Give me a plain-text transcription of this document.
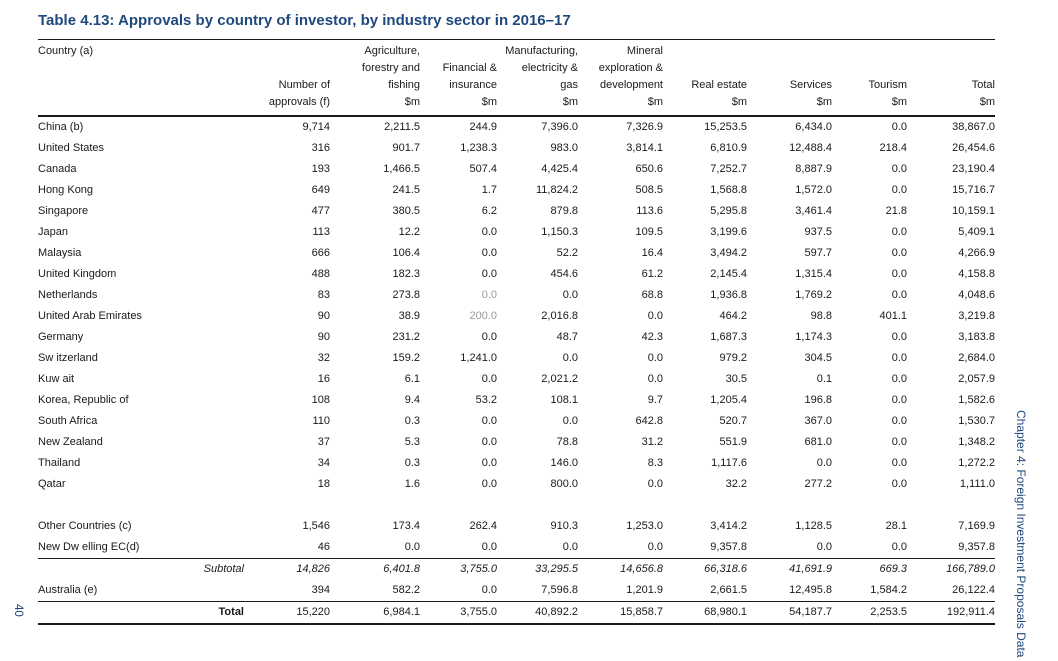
Table 4.13: Approvals by country of investor, by industry sector in 2016–17
Country (a)		Agriculture,		Manufacturing,	Mineral				
		forestry and	Financial &	electricity &	exploration &				
	Number of	fishing	insurance	gas	development	Real estate	Services	Tourism	Total
	approvals (f)	$m	$m	$m	$m	$m	$m	$m	$m
China (b)	9,714	2,211.5	244.9	7,396.0	7,326.9	15,253.5	6,434.0	0.0	38,867.0
United States	316	901.7	1,238.3	983.0	3,814.1	6,810.9	12,488.4	218.4	26,454.6
Canada	193	1,466.5	507.4	4,425.4	650.6	7,252.7	8,887.9	0.0	23,190.4
Hong Kong	649	241.5	1.7	11,824.2	508.5	1,568.8	1,572.0	0.0	15,716.7
Singapore	477	380.5	6.2	879.8	113.6	5,295.8	3,461.4	21.8	10,159.1
Japan	113	12.2	0.0	1,150.3	109.5	3,199.6	937.5	0.0	5,409.1
Malaysia	666	106.4	0.0	52.2	16.4	3,494.2	597.7	0.0	4,266.9
United Kingdom	488	182.3	0.0	454.6	61.2	2,145.4	1,315.4	0.0	4,158.8
Netherlands	83	273.8	0.0	0.0	68.8	1,936.8	1,769.2	0.0	4,048.6
United Arab Emirates	90	38.9	200.0	2,016.8	0.0	464.2	98.8	401.1	3,219.8
Germany	90	231.2	0.0	48.7	42.3	1,687.3	1,174.3	0.0	3,183.8
Sw itzerland	32	159.2	1,241.0	0.0	0.0	979.2	304.5	0.0	2,684.0
Kuw ait	16	6.1	0.0	2,021.2	0.0	30.5	0.1	0.0	2,057.9
Korea, Republic of	108	9.4	53.2	108.1	9.7	1,205.4	196.8	0.0	1,582.6
South Africa	110	0.3	0.0	0.0	642.8	520.7	367.0	0.0	1,530.7
New Zealand	37	5.3	0.0	78.8	31.2	551.9	681.0	0.0	1,348.2
Thailand	34	0.3	0.0	146.0	8.3	1,117.6	0.0	0.0	1,272.2
Qatar	18	1.6	0.0	800.0	0.0	32.2	277.2	0.0	1,111.0

Other Countries (c)	1,546	173.4	262.4	910.3	1,253.0	3,414.2	1,128.5	28.1	7,169.9
New Dw elling EC(d)	46	0.0	0.0	0.0	0.0	9,357.8	0.0	0.0	9,357.8
Subtotal	14,826	6,401.8	3,755.0	33,295.5	14,656.8	66,318.6	41,691.9	669.3	166,789.0
Australia (e)	394	582.2	0.0	7,596.8	1,201.9	2,661.5	12,495.8	1,584.2	26,122.4
Total	15,220	6,984.1	3,755.0	40,892.2	15,858.7	68,980.1	54,187.7	2,253.5	192,911.4 Chapter 4: Foreign Investment Proposals Data
40
